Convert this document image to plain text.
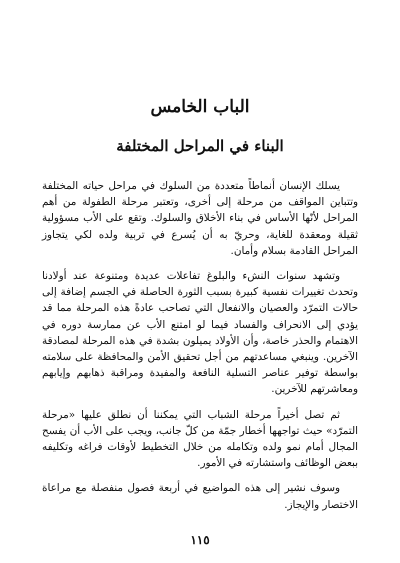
الباب الخامس
البناء في المراحل المختلفة

يسلك الإنسان أنماطاً متعددة من السلوك في مراحل حياته المختلفة وتتباين المواقف من مرحلة إلى أخرى، وتعتبر مرحلة الطفولة من أهم المراحل لأنّها الأساس في بناء الأخلاق والسلوك. وتقع على الأب مسؤولية ثقيلة ومعقدة للغاية، وحريّ به أن يُسرع في تربية ولده لكي يتجاوز المراحل القادمة بسلام وأمان.

وتشهد سنوات النشء والبلوغ تفاعلات عديدة ومتنوعة عند أولادنا وتحدث تغييرات نفسية كبيرة بسبب الثورة الحاصلة في الجسم إضافة إلى حالات التمرّد والعصيان والانفعال التي تصاحب عادةً هذه المرحلة مما قد يؤدي إلى الانحراف والفساد فيما لو امتنع الأب عن ممارسة دوره في الاهتمام والحذر خاصة، وأن الأولاد يميلون بشدة في هذه المرحلة لمصادقة الآخرين. وينبغي مساعدتهم من أجل تحقيق الأمن والمحافظة على سلامته بواسطة توفير عناصر التسلية النافعة والمفيدة ومراقبة ذهابهم وإيابهم ومعاشرتهم للآخرين.

ثم تصل أخيراً مرحلة الشباب التي يمكننا أن نطلق عليها «مرحلة التمرّد» حيث تواجهها أخطار جمّة من كلّ جانب، ويجب على الأب أن يفسح المجال أمام نمو ولده وتكامله من خلال التخطيط لأوقات فراغه وتكليفه ببعض الوظائف واستشارته في الأمور.

وسوف نشير إلى هذه المواضيع في أربعة فصول منفصلة مع مراعاة الاختصار والإيجاز.

١١٥
